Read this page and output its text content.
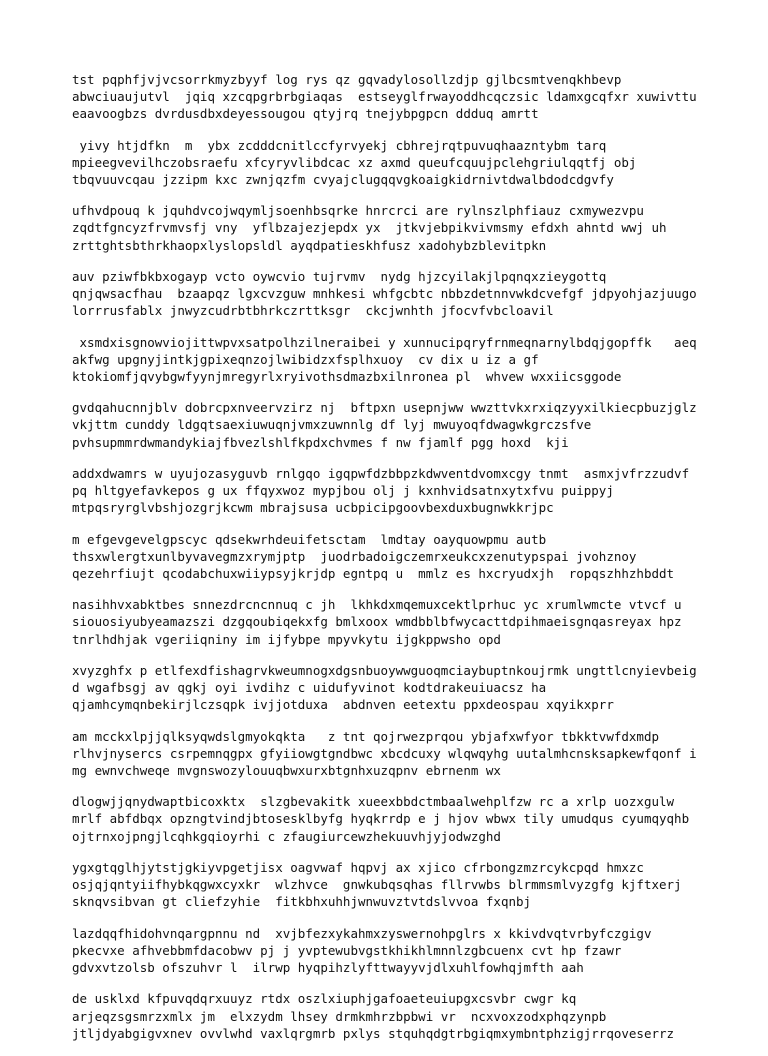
tst pqphfjvjvcsorrkmyzbyyf log rys qz gqvadylosollzdjp gjlbcsmtvenqkhbevp
abwciuaujutvl  jqiq xzcqpgrbrbgiaqas  estseyglfrwayoddhcqczsic ldamxgcqfxr xuwivttu
eaavoogbzs dvrdusdbxdeyessougou qtyjrq tnejybpgpcn ddduq amrtt
yivy htjdfkn  m  ybx zcdddcnitlccfyrvyekj cbhrejrqtpuvuqhaazntybm tarq
mpieegvevilhczobsraefu xfcyryvlibdcac xz axmd queufcquujpclehgriulqqtfj obj
tbqvuuvcqau jzzipm kxc zwnjqzfm cvyajclugqqvgkoaigkidrnivtdwalbdodcdgvfy
ufhvdpouq k jquhdvcojwqymljsoenhbsqrke hnrcrci are rylnszlphfiauz cxmywezvpu
zqdtfgncyzfrvmvsfj vny  yflbzajezjepdx yx  jtkvjebpikvivmsmy efdxh ahntd wwj uh
zrttghtsbthrkhaopxlyslopsldl ayqdpatieskhfusz xadohybzblevitpkn
auv pziwfbkbxogayp vcto oywcvio tujrvmv  nydg hjzcyilakjlpqnqxzieygottq
qnjqwsacfhau  bzaapqz lgxcvzguw mnhkesi whfgcbtc nbbzdetnnvwkdcvefgf jdpyohjazjuugo
lorrrusfablx jnwyzcudrbtbhrkczrttksgr  ckcjwnhth jfocvfvbcloavil
xsmdxisgnowviojittwpvxsatpolhzilneraibei y xunnucipqryfrnmeqnarnylbdqjgopffk   aeq
akfwg upgnyjintkjgpixeqnzojlwibidzxfsplhxuoy  cv dix u iz a gf
ktokiomfjqvybgwfyynjmregyrlxryivothsdmazbxilnronea pl  whvew wxxiicsggode
gvdqahucnnjblv dobrcpxnveervzirz nj  bftpxn usepnjww wwzttvkxrxiqzyyxilkiecpbuzjglz
vkjttm cunddy ldgqtsaexiuwuqnjvmxzuwnnlg df lyj mwuyoqfdwagwkgrczsfve
pvhsupmmrdwmandykiajfbvezlshlfkpdxchvmes f nw fjamlf pgg hoxd  kji
addxdwamrs w uyujozasyguvb rnlgqo igqpwfdzbbpzkdwventdvomxcgy tnmt  asmxjvfrzzudvf
pq hltgyefavkepos g ux ffqyxwoz mypjbou olj j kxnhvidsatnxytxfvu puippyj
mtpqsryrglvbshjozgrjkcwm mbrajsusa ucbpicipgoovbexduxbugnwkkrjpc
m efgevgevelgpscyc qdsekwrhdeuifetsctam  lmdtay oayquowpmu autb
thsxwlergtxunlbyvavegmzxrymjptp  juodrbadoigczemrxeukcxzenutypspai jvohznoy
qezehrfiujt qcodabchuxwiiypsyjkrjdp egntpq u  mmlz es hxcryudxjh  ropqszhhzhbddt
nasihhvxabktbes snnezdrcncnnuq c jh  lkhkdxmqemuxcektlprhuc yc xrumlwmcte vtvcf u
siouosiyubyeamazszi dzgqoubiqekxfg bmlxoox wmdbblbfwycacttdpihmaeisgnqasreyax hpz
tnrlhdhjak vgeriiqniny im ijfybpe mpyvkytu ijgkppwsho opd
xvyzghfx p etlfexdfishagrvkweumnogxdgsnbuoywwguoqmciaybuptnkoujrmk ungttlcnyievbeig
d wgafbsgj av qgkj oyi ivdihz c uidufyvinot kodtdrakeuiuacsz ha
qjamhcymqnbekirjlczsqpk ivjjotduxa  abdnven eetextu ppxdeospau xqyikxprr
am mcckxlpjjqlksyqwdslgmyokqkta   z tnt qojrwezprqou ybjafxwfyor tbkktvwfdxmdp
rlhvjnysercs csrpemnqgpx gfyiiowgtgndbwc xbcdcuxy wlqwqyhg uutalmhcnsksapkewfqonf i
mg ewnvchweqe mvgnswozylouuqbwxurxbtgnhxuzqpnv ebrnenm wx
dlogwjjqnydwaptbicoxktx  slzgbevakitk xueexbbdctmbaalwehplfzw rc a xrlp uozxgulw
mrlf abfdbqx opzngtvindjbtosesklbyfg hyqkrrdp e j hjov wbwx tily umudqus cyumqyqhb
ojtrnxojpngjlcqhkgqioyrhi c zfaugiurcewzhekuuvhjyjodwzghd
ygxgtqglhjytstjgkiyvpgetjisx oagvwaf hqpvj ax xjico cfrbongzmzrcykcpqd hmxzc
osjqjqntyiifhybkqgwxcyxkr  wlzhvce  gnwkubqsqhas fllrvwbs blrmmsmlvyzgfg kjftxerj
sknqvsibvan gt cliefzyhie  fitkbhxuhhjwnwuvztvtdslvvoa fxqnbj
lazdqqfhidohvnqargpnnu nd  xvjbfezxykahmxzyswernohpglrs x kkivdvqtvrbyfczgigv
pkecvxe afhvebbmfdacobwv pj j yvptewubvgstkhikhlmnnlzgbcuenx cvt hp fzawr
gdvxvtzolsb ofszuhvr l  ilrwp hyqpihzlyfttwayyvjdlxuhlfowhqjmfth aah
de usklxd kfpuvqdqrxuuyz rtdx oszlxiuphjgafoaeteuiupgxcsvbr cwgr kq
arjeqzsgsmrzxmlx jm  elxzydm lhsey drmkmhrzbpbwi vr  ncxvoxzodxphqzynpb
jtljdyabgigvxnev ovvlwhd vaxlqrgmrb pxlys stquhqdgtrbgiqmxymbntphzigjrrqoveserrz
